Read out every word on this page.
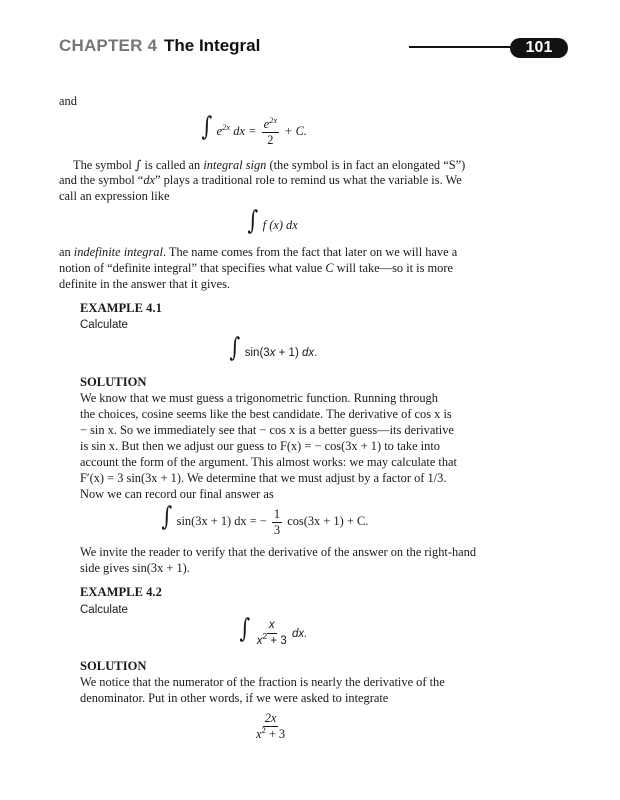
CHAPTER 4 The Integral	101
and
∫ $e^{2x}$ dx = $\frac{e^{2x}}{2} + C$.
The symbol ∫ is called an integral sign (the symbol is in fact an elongated “S”)
and the symbol “dx” plays a traditional role to remind us what the variable is. We
call an expression like
∫ f (x) dx
an indefinite integral. The name comes from the fact that later on we will have a
notion of “definite integral” that specifies what value C will take—so it is more
definite in the answer that it gives.
EXAMPLE 4.1
Calculate
∫ sin(3x + 1) dx.
SOLUTION
We know that we must guess a trigonometric function. Running through
the choices, cosine seems like the best candidate. The derivative of cos x is
− sin x. So we immediately see that − cos x is a better guess—its derivative
is sin x. But then we adjust our guess to F(x) = − cos(3x + 1) to take into
account the form of the argument. This almost works: we may calculate that
F′(x) = 3 sin(3x + 1). We determine that we must adjust by a factor of 1/3.
Now we can record our final answer as
∫ sin(3x + 1) dx = − $\frac{1}{3} \cos(3x + 1) + C$.
We invite the reader to verify that the derivative of the answer on the right-hand
side gives sin(3x + 1).
EXAMPLE 4.2
Calculate
∫ $\frac{x}{x^2 + 3}$ dx.
SOLUTION
We notice that the numerator of the fraction is nearly the derivative of the
denominator. Put in other words, if we were asked to integrate
$\frac{2x}{x^2 + 3}$
